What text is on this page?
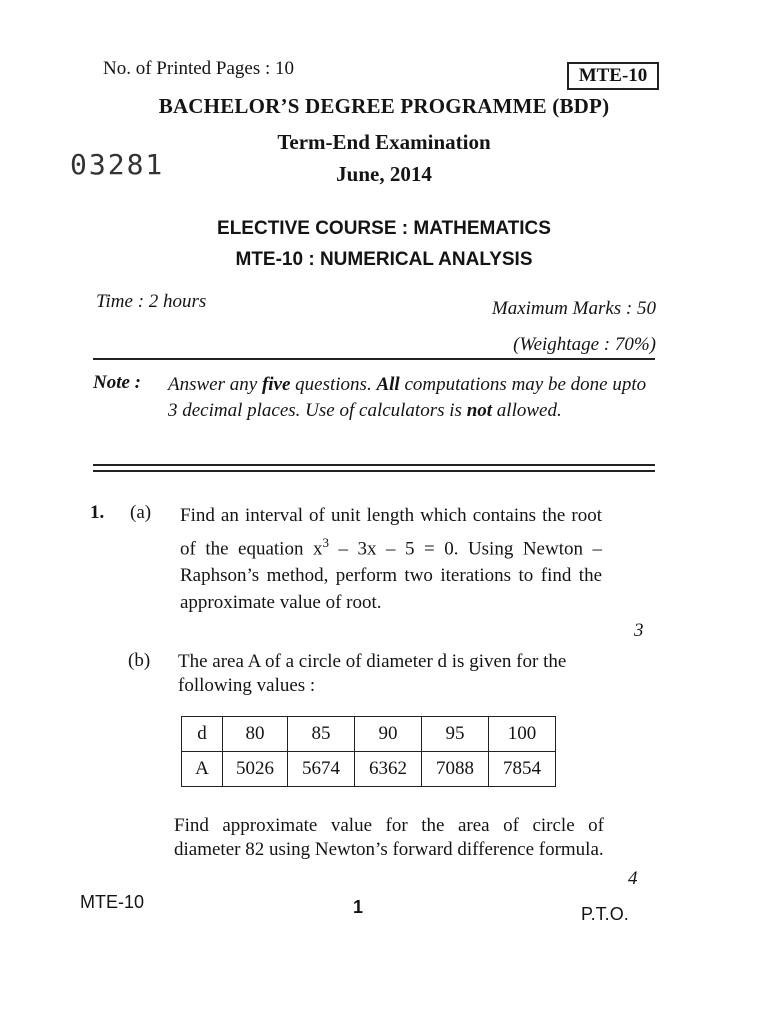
No. of Printed Pages : 10	MTE-10
BACHELOR’S DEGREE PROGRAMME (BDP)
Term-End Examination
03281	June, 2014
ELECTIVE COURSE : MATHEMATICS
MTE-10 : NUMERICAL ANALYSIS
Time : 2 hours	Maximum Marks : 50
(Weightage : 70%)
Note : Answer any five questions. All computations may be done upto 3 decimal places. Use of calculators is not allowed.
1. (a) Find an interval of unit length which contains the root of the equation $x^3 - 3x - 5 = 0$. Using Newton – Raphson’s method, perform two iterations to find the approximate value of root.
3
(b) The area A of a circle of diameter d is given for the following values :
d	80	85	90	95	100
A	5026	5674	6362	7088	7854
Find approximate value for the area of circle of diameter 82 using Newton’s forward difference formula.
4
MTE-10	1	P.T.O.
